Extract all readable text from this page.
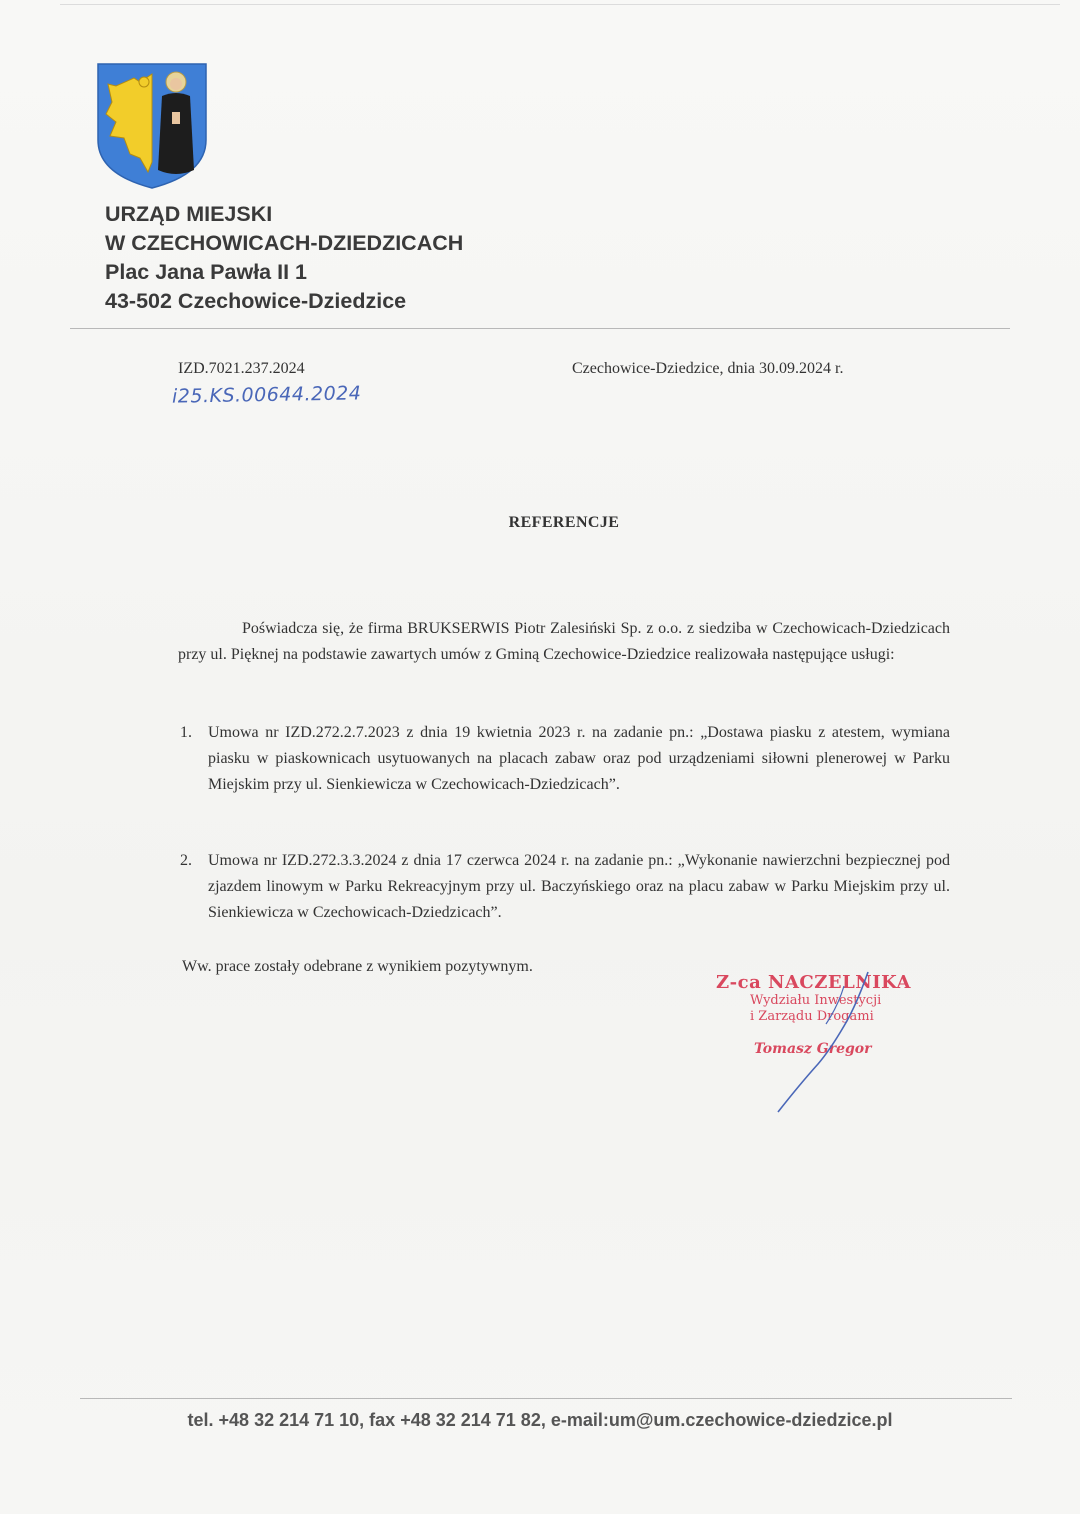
URZĄD MIEJSKI
W CZECHOWICACH-DZIEDZICACH
Plac Jana Pawła II 1
43-502 Czechowice-Dziedzice
IZD.7021.237.2024
i25.KS.00644.2024
Czechowice-Dziedzice, dnia 30.09.2024 r.
REFERENCJE
Poświadcza się, że firma BRUKSERWIS Piotr Zalesiński Sp. z o.o. z siedziba w Czechowicach-Dziedzicach przy ul. Pięknej na podstawie zawartych umów z Gminą Czechowice-Dziedzice realizowała następujące usługi:
1. Umowa nr IZD.272.2.7.2023 z dnia 19 kwietnia 2023 r. na zadanie pn.: „Dostawa piasku z atestem, wymiana piasku w piaskownicach usytuowanych na placach zabaw oraz pod urządzeniami siłowni plenerowej w Parku Miejskim przy ul. Sienkiewicza w Czechowicach-Dziedzicach”.
2. Umowa nr IZD.272.3.3.2024 z dnia 17 czerwca 2024 r. na zadanie pn.: „Wykonanie nawierzchni bezpiecznej pod zjazdem linowym w Parku Rekreacyjnym przy ul. Baczyńskiego oraz na placu zabaw w Parku Miejskim przy ul. Sienkiewicza w Czechowicach-Dziedzicach”.
Ww. prace zostały odebrane z wynikiem pozytywnym.
Z-ca NACZELNIKA
Wydziału Inwestycji
i Zarządu Drogami
Tomasz Gregor
tel. +48 32 214 71 10, fax +48 32 214 71 82, e-mail:um@um.czechowice-dziedzice.pl
